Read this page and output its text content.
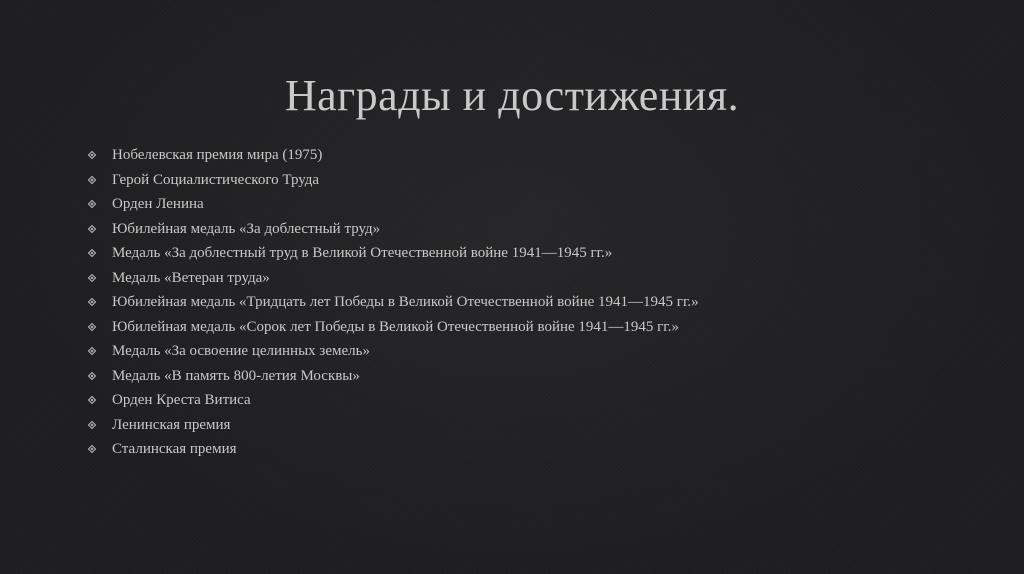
Награды и достижения.
Нобелевская премия мира (1975)
Герой Социалистического Труда
Орден Ленина
Юбилейная медаль «За доблестный труд»
Медаль «За доблестный труд в Великой Отечественной войне 1941—1945 гг.»
Медаль «Ветеран труда»
Юбилейная медаль «Тридцать лет Победы в Великой Отечественной войне 1941—1945 гг.»
Юбилейная медаль «Сорок лет Победы в Великой Отечественной войне 1941—1945 гг.»
Медаль «За освоение целинных земель»
Медаль «В память 800-летия Москвы»
Орден Креста Витиса
Ленинская премия
Сталинская премия
